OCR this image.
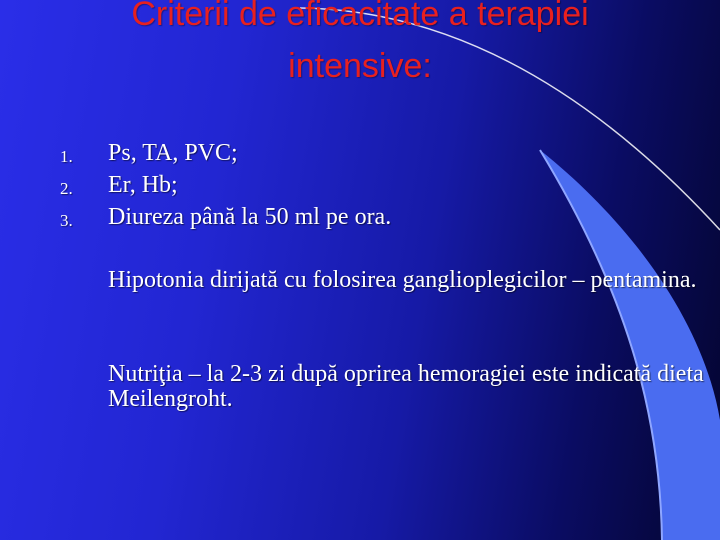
Criterii de eficacitate a terapiei
intensive:
1. Ps, TA, PVC;
2. Er, Hb;
3. Diureza până la 50 ml pe ora.

Hipotonia dirijată cu folosirea ganglioplegicilor – pentamina.

Nutriţia – la 2-3 zi după oprirea hemoragiei este indicată dieta Meilengroht.
